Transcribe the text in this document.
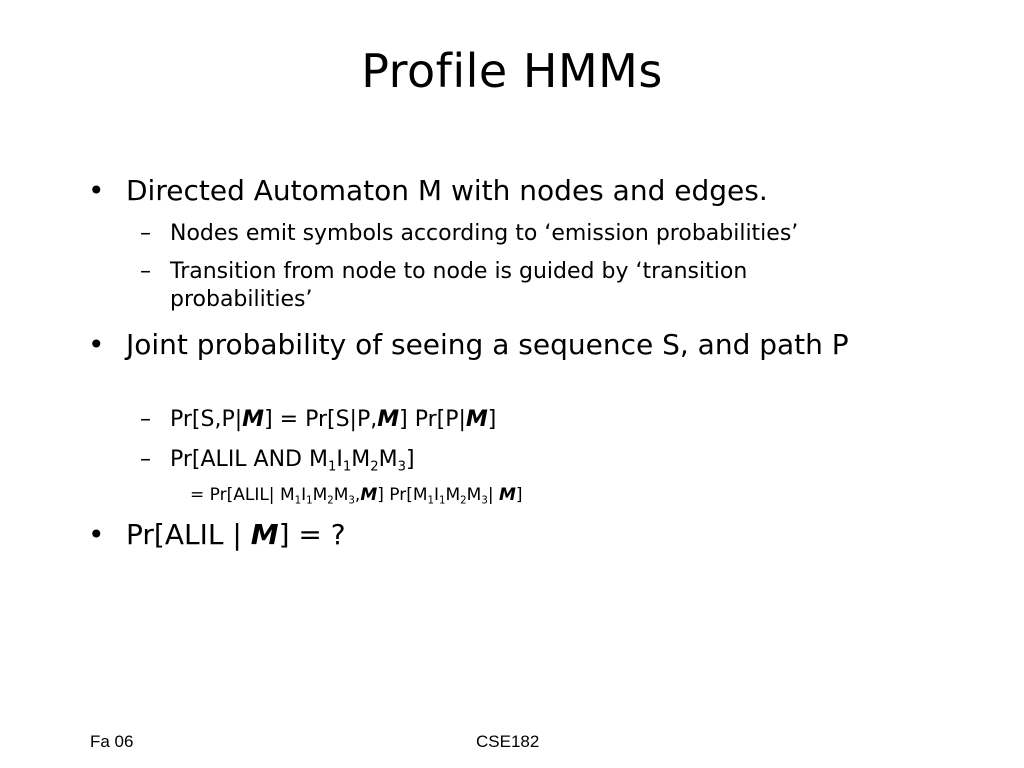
Profile HMMs
• Directed Automaton M with nodes and edges.
– Nodes emit symbols according to ‘emission probabilities’
– Transition from node to node is guided by ‘transition probabilities’
• Joint probability of seeing a sequence S, and path P
– Pr[S,P|M] = Pr[S|P,M] Pr[P|M]
– Pr[ALIL AND $M_1I_1M_2M_3$]
= Pr[ALIL| $M_1I_1M_2M_3,M$] $Pr[M_1I_1M_2M_3|$ M]
• Pr[ALIL | M] = ?
Fa 06	CSE182
